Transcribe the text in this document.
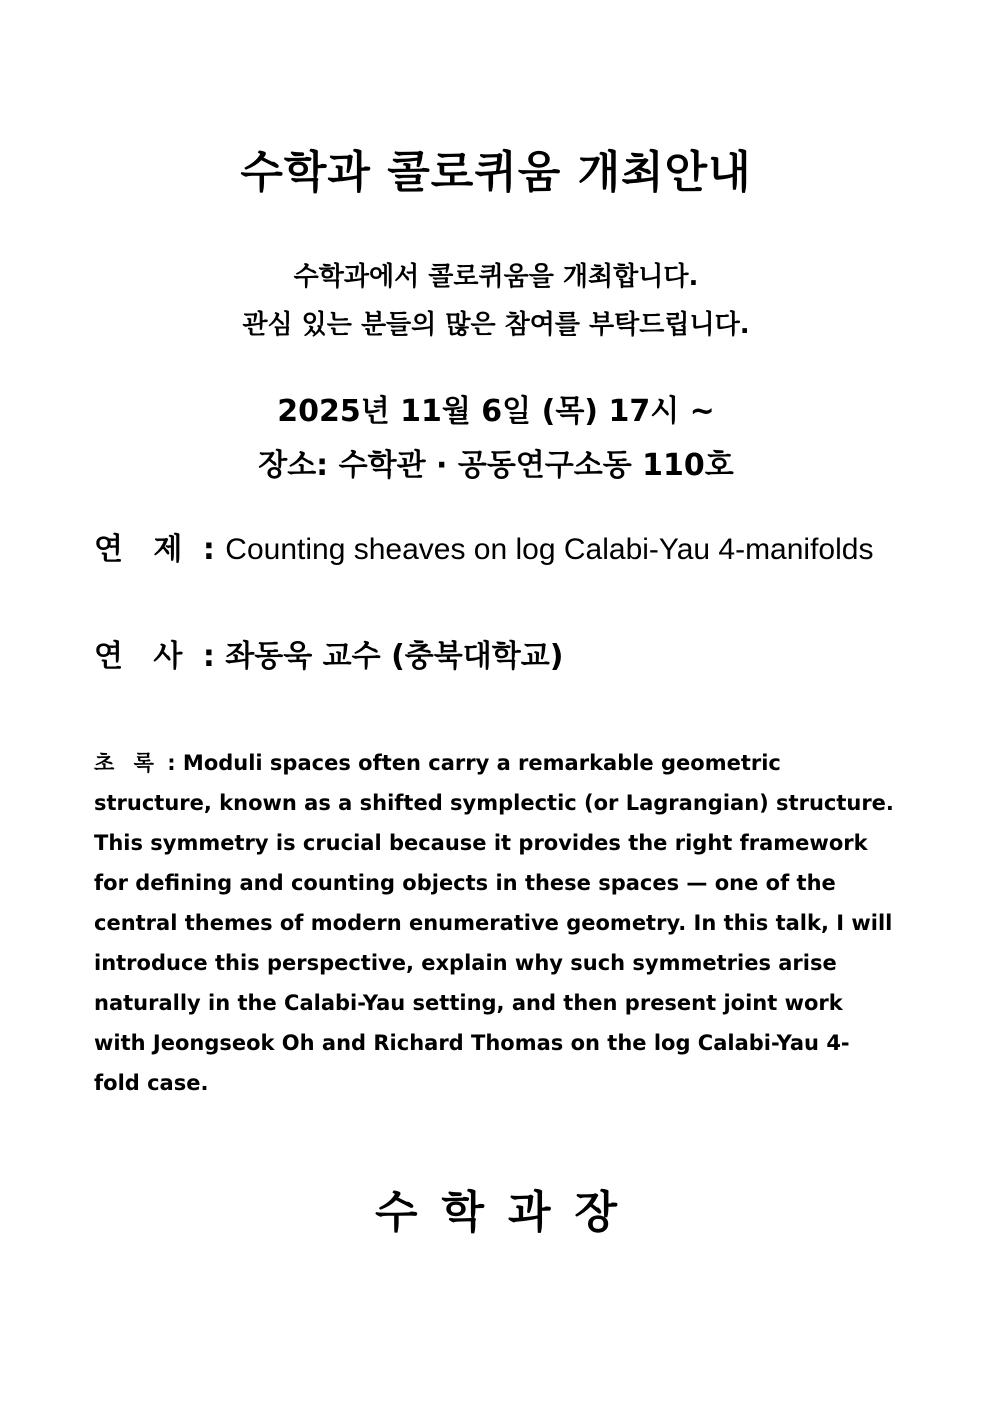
수학과 콜로퀴움 개최안내
수학과에서 콜로퀴움을 개최합니다.
관심 있는 분들의 많은 참여를 부탁드립니다.
2025년 11월 6일 (목) 17시 ~
장소: 수학관 · 공동연구소동 110호
연 제 : Counting sheaves on log Calabi-Yau 4-manifolds
연 사 : 좌동욱 교수 (충북대학교)
초 록 : Moduli spaces often carry a remarkable geometric structure, known as a shifted symplectic (or Lagrangian) structure. This symmetry is crucial because it provides the right framework for defining and counting objects in these spaces — one of the central themes of modern enumerative geometry. In this talk, I will introduce this perspective, explain why such symmetries arise naturally in the Calabi-Yau setting, and then present joint work with Jeongseok Oh and Richard Thomas on the log Calabi-Yau 4-fold case.
수학과장
